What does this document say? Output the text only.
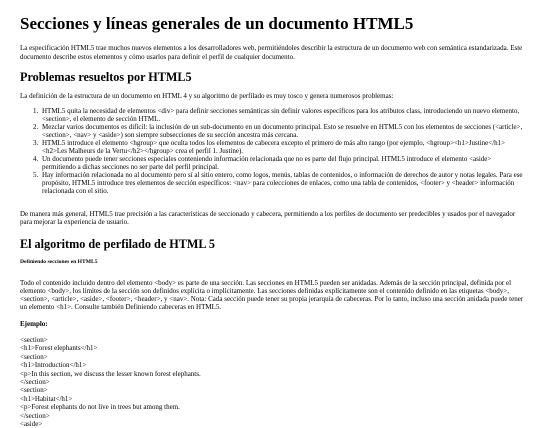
Secciones y líneas generales de un documento HTML5

La especificación HTML5 trae muchos nuevos elementos a los desarrolladores web, permitiéndoles describir la estructura de un documento web con semántica estandarizada. Este documento describe estos elementos y cómo usarlos para definir el perfil de cualquier documento.

Problemas resueltos por HTML5

La definición de la estructura de un documento en HTML 4 y su algoritmo de perfilado es muy tosco y genera numerosos problemas:

1. HTML5 quita la necesidad de elementos <div> para definir secciones semánticas sin definir valores específicos para los atributos class, introduciendo un nuevo elemento, <section>, el elemento de sección HTML.
2. Mezclar varios documentos es difícil: la inclusión de un sub-documento en un documento principal. Esto se resuelve en HTML5 con los elementos de secciones (<article>, <section>, <nav> y <aside>) son siempre subsecciones de su sección ancestra más cercana.
3. HTML5 introduce el elemento <hgroup> que oculta todos los elementos de cabecera excepto el primero de más alto rango (por ejemplo, <hgroup><h1>Justine</h1><h2>Les Malheurs de la Vertu</h2></hgroup> crea el perfil 1. Justine).
4. Un documento puede tener secciones especiales conteniendo información relacionada que no es parte del flujo principal. HTML5 introduce el elemento <aside> permitiendo a dichas secciones no ser parte del perfil principal.
5. Hay información relacionada no al documento pero sí al sitio entero, como logos, menús, tablas de contenidos, o información de derechos de autor y notas legales. Para ese propósito, HTML5 introduce tres elementos de sección específicos: <nav> para colecciones de enlaces, como una tabla de contenidos, <footer> y <header> información relacionada con el sitio.

De manera más general, HTML5 trae precisión a las características de seccionado y cabecera, permitiendo a los perfiles de documento ser predecibles y usados por el navegador para mejorar la experiencia de usuario.

El algoritmo de perfilado de HTML 5
Definiendo secciones en HTML5

Todo el contenido incluido dentro del elemento <body> es parte de una sección. Las secciones en HTML5 pueden ser anidadas. Además de la sección principal, definida por el elemento <body>, los límites de la sección son definidos explícita o implícitamente. Las secciones definidas explícitamente son el contenido definido en las etiquetas <body>, <section>, <article>, <aside>, <footer>, <header>, y <nav>. Nota: Cada sección puede tener su propia jerarquía de cabeceras. Por lo tanto, incluso una sección anidada puede tener un elemento <h1>. Consulte también Definiendo cabeceras en HTML5.

Ejemplo:
<section>
<h1>Forest elephants</h1>
<section>
<h1>Introduction</h1>
<p>In this section, we discuss the lesser known forest elephants.
</section>
<section>
<h1>Habitat</h1>
<p>Forest elephants do not live in trees but among them.
</section>
<aside>
